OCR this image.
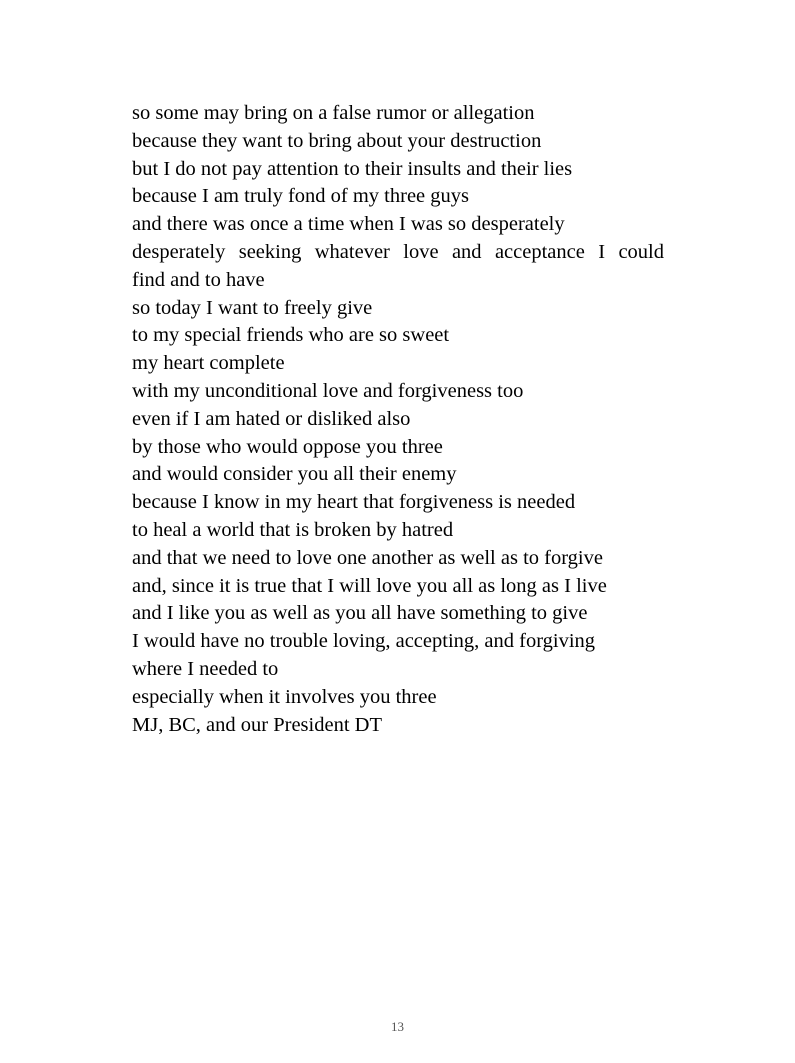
so some may bring on a false rumor or allegation
because they want to bring about your destruction
but I do not pay attention to their insults and their lies
because I am truly fond of my three guys
and there was once a time when I was so desperately
desperately seeking whatever love and acceptance I could
find and to have
so today I want to freely give
to my special friends who are so sweet
my heart complete
with my unconditional love and forgiveness too
even if I am hated or disliked also
by those who would oppose you three
and would consider you all their enemy
because I know in my heart that forgiveness is needed
to heal a world that is broken by hatred
and that we need to love one another as well as to forgive
and, since it is true that I will love you all as long as I live
and I like you as well as you all have something to give
I would have no trouble loving, accepting, and forgiving
where I needed to
especially when it involves you three
MJ, BC, and our President DT
13
